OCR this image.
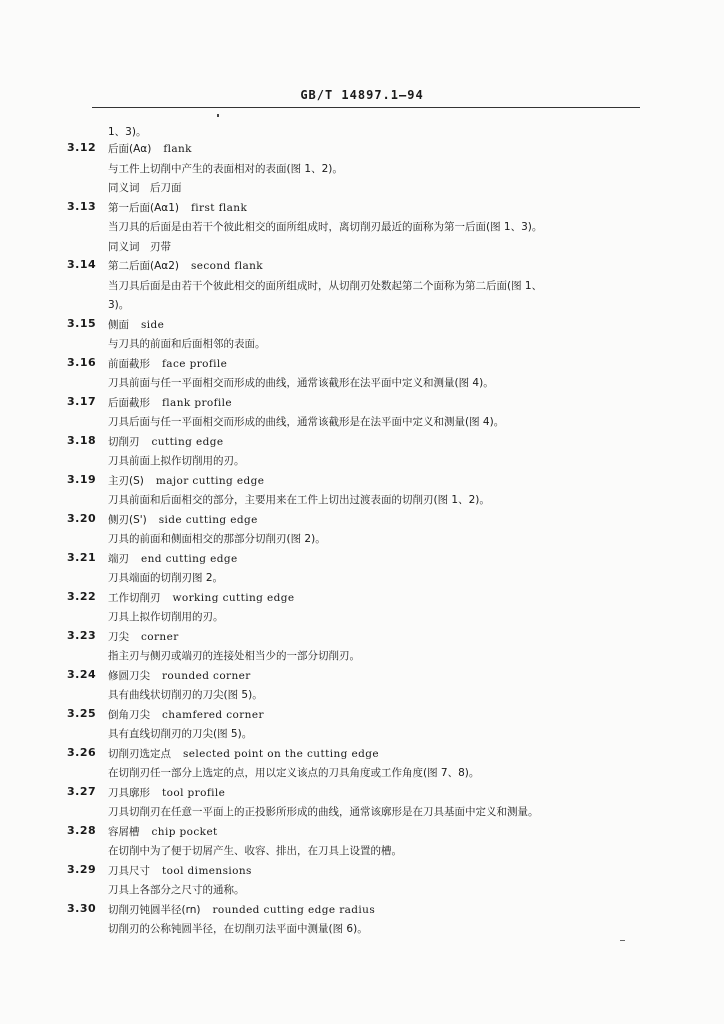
GB/T 14897.1—94
1、3)。
3.12 后面(Aα) flank
与工件上切削中产生的表面相对的表面(图 1、2)。
同义词　后刀面
3.13 第一后面(Aα1) first flank
当刀具的后面是由若干个彼此相交的面所组成时，离切削刃最近的面称为第一后面(图 1、3)。
同义词　刃带
3.14 第二后面(Aα2) second flank
当刀具后面是由若干个彼此相交的面所组成时，从切削刃处数起第二个面称为第二后面(图 1、
3)。
3.15 侧面 side
与刀具的前面和后面相邻的表面。
3.16 前面截形 face profile
刀具前面与任一平面相交而形成的曲线，通常该截形在法平面中定义和测量(图 4)。
3.17 后面截形 flank profile
刀具后面与任一平面相交而形成的曲线，通常该截形是在法平面中定义和测量(图 4)。
3.18 切削刃 cutting edge
刀具前面上拟作切削用的刃。
3.19 主刃(S) major cutting edge
刀具前面和后面相交的部分，主要用来在工件上切出过渡表面的切削刃(图 1、2)。
3.20 侧刃(S') side cutting edge
刀具的前面和侧面相交的那部分切削刃(图 2)。
3.21 端刃 end cutting edge
刀具端面的切削刃图 2。
3.22 工作切削刃 working cutting edge
刀具上拟作切削用的刃。
3.23 刀尖 corner
指主刃与侧刃或端刃的连接处相当少的一部分切削刃。
3.24 修圆刀尖 rounded corner
具有曲线状切削刃的刀尖(图 5)。
3.25 倒角刀尖 chamfered corner
具有直线切削刃的刀尖(图 5)。
3.26 切削刃选定点 selected point on the cutting edge
在切削刃任一部分上选定的点，用以定义该点的刀具角度或工作角度(图 7、8)。
3.27 刀具廓形 tool profile
刀具切削刃在任意一平面上的正投影所形成的曲线，通常该廓形是在刀具基面中定义和测量。
3.28 容屑槽 chip pocket
在切削中为了便于切屑产生、收容、排出，在刀具上设置的槽。
3.29 刀具尺寸 tool dimensions
刀具上各部分之尺寸的通称。
3.30 切削刃钝圆半径(rn) rounded cutting edge radius
切削刃的公称钝圆半径，在切削刃法平面中测量(图 6)。
